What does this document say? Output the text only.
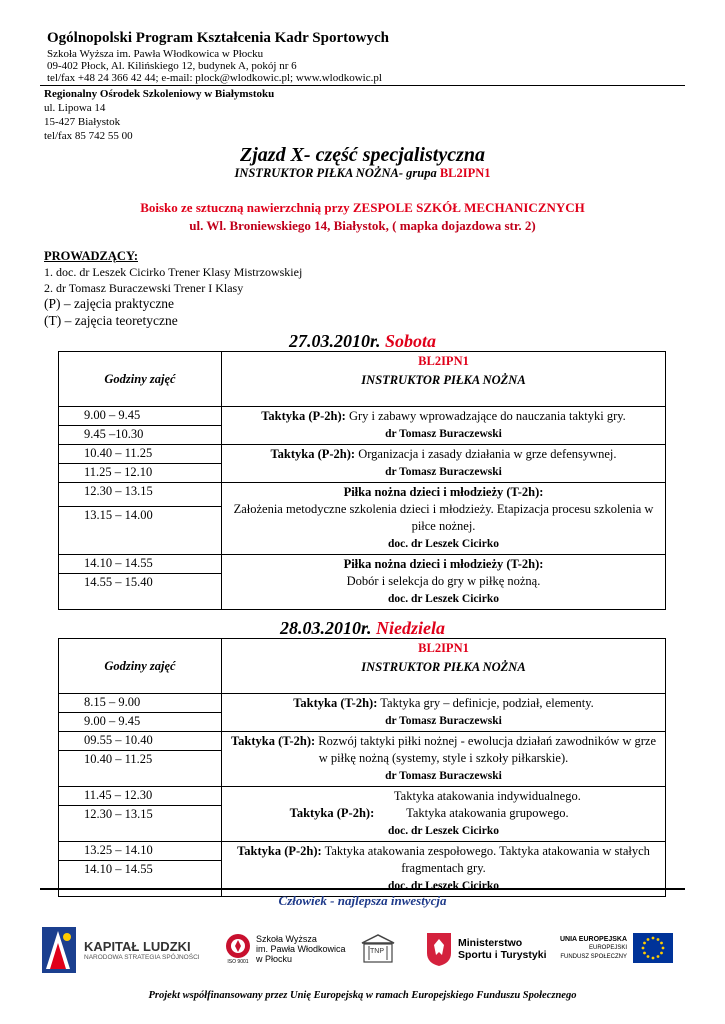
Ogólnopolski Program Kształcenia Kadr Sportowych
Szkoła Wyższa im. Pawła Włodkowica w Płocku
09-402 Płock, Al. Kilińskiego 12, budynek A, pokój nr 6
tel/fax +48 24 366 42 44; e-mail: plock@wlodkowic.pl; www.wlodkowic.pl
Regionalny Ośrodek Szkoleniowy w Białymstoku
ul. Lipowa 14
15-427 Białystok
tel/fax 85 742 55 00
Zjazd X- część specjalistyczna
INSTRUKTOR PIŁKA NOŻNA- grupa BL2IPN1
Boisko ze sztuczną nawierzchnią przy ZESPOLE SZKÓŁ MECHANICZNYCH
ul. Wl. Broniewskiego 14, Białystok, ( mapka dojazdowa str. 2)
PROWADZĄCY:
1. doc. dr Leszek Cicirko Trener Klasy Mistrzowskiej
2. dr Tomasz Buraczewski Trener I Klasy
(P) – zajęcia praktyczne
(T) – zajęcia teoretyczne
27.03.2010r. Sobota
Godziny zajęć	BL2IPN1
INSTRUKTOR PIŁKA NOŻNA

9.00 – 9.45	Taktyka (P-2h): Gry i zabawy wprowadzające do nauczania taktyki gry.
dr Tomasz Buraczewski
9.45 –10.30	
10.40 – 11.25	Taktyka (P-2h): Organizacja i zasady działania w grze defensywnej.
dr Tomasz Buraczewski
11.25 – 12.10	
12.30 – 13.15	Piłka nożna dzieci i młodzieży (T-2h):
Założenia metodyczne szkolenia dzieci i młodzieży. Etapizacja procesu szkolenia w piłce nożnej.
doc. dr Leszek Cicirko
13.15 – 14.00	
14.10 – 14.55	Piłka nożna dzieci i młodzieży (T-2h):
Dobór i selekcja do gry w piłkę nożną.
doc. dr Leszek Cicirko
14.55 – 15.40	
28.03.2010r. Niedziela
Godziny zajęć	BL2IPN1
INSTRUKTOR PIŁKA NOŻNA

8.15 – 9.00	Taktyka (T-2h): Taktyka gry – definicje, podział, elementy.
dr Tomasz Buraczewski
9.00 – 9.45	
09.55 – 10.40	Taktyka (T-2h): Rozwój taktyki piłki nożnej - ewolucja działań zawodników w grze w piłkę nożną (systemy, style i szkoły piłkarskie).
dr Tomasz Buraczewski
10.40 – 11.25	
11.45 – 12.30	Taktyka (P-2h): Taktyka atakowania indywidualnego. Taktyka atakowania grupowego.
doc. dr Leszek Cicirko
12.30 – 13.15	
13.25 – 14.10	Taktyka (P-2h): Taktyka atakowania zespołowego. Taktyka atakowania w stałych fragmentach gry.
doc. dr Leszek Cicirko
14.10 – 14.55	
Człowiek - najlepsza inwestycja
KAPITAŁ LUDZKI
NARODOWA STRATEGIA SPÓJNOŚCI
ISO 9001
Szkoła Wyższa
im. Pawła Włodkowica
w Płocku
TNP
Ministerstwo
Sportu i Turystyki
UNIA EUROPEJSKA
EUROPEJSKI
FUNDUSZ SPOŁECZNY
Projekt współfinansowany przez Unię Europejską w ramach Europejskiego Funduszu Społecznego
